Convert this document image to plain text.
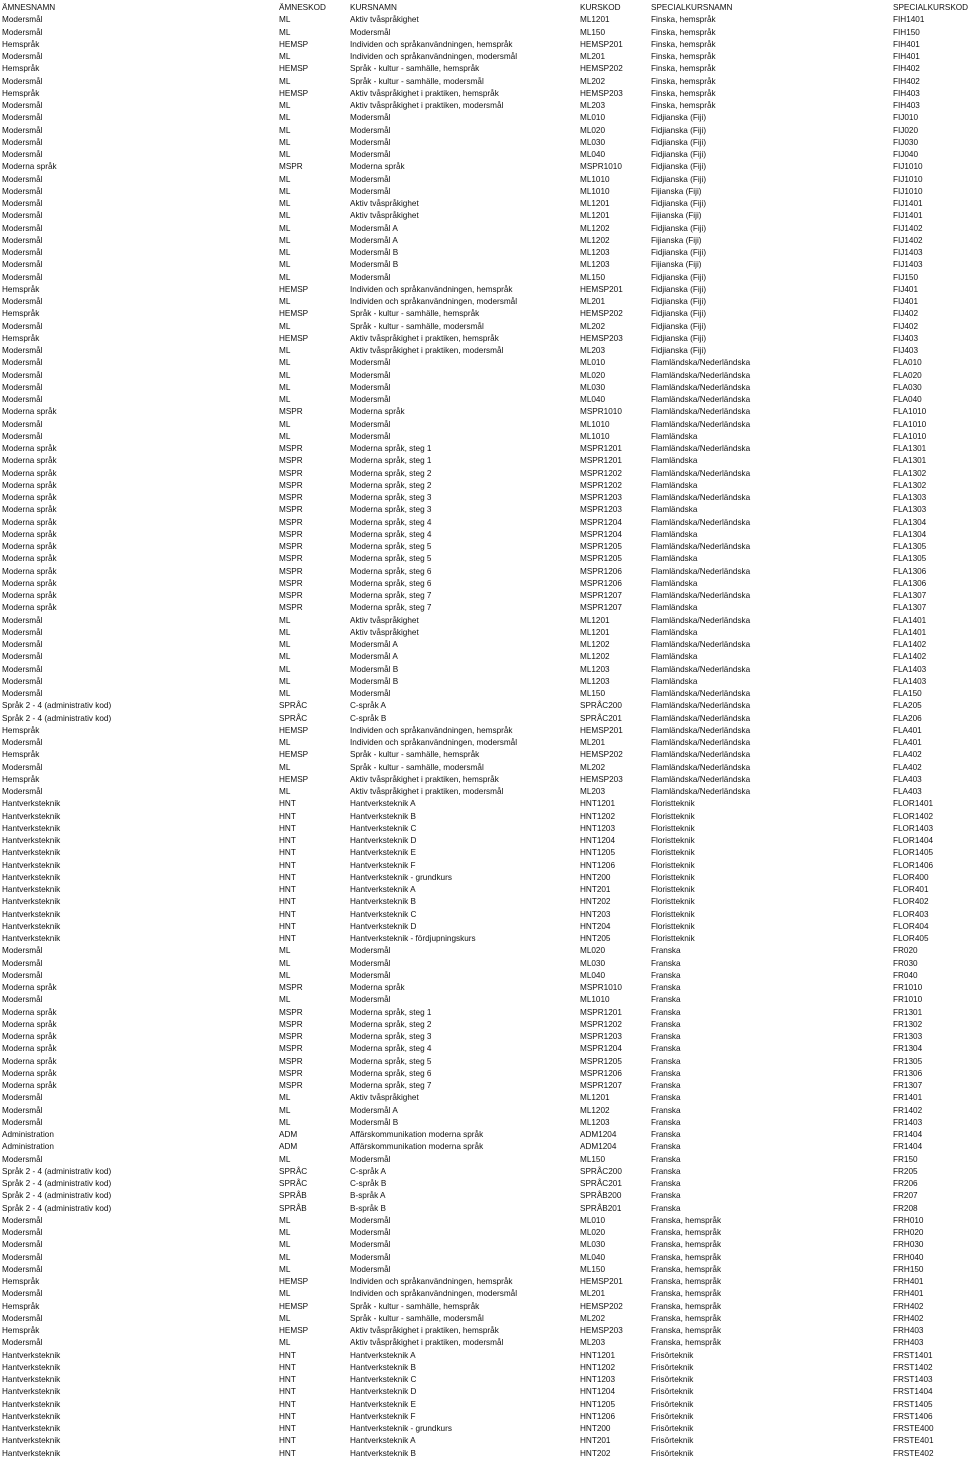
ÄMNESNAMN	ÄMNESKOD	KURSNAMN	KURSKOD	SPECIALKURSNAMN	SPECIALKURSKOD
Modersmål	ML	Aktiv tvåspråkighet	ML1201	Finska, hemspråk	FIH1401
Modersmål	ML	Modersmål	ML150	Finska, hemspråk	FIH150
Hemspråk	HEMSP	Individen och språkanvändningen, hemspråk	HEMSP201	Finska, hemspråk	FIH401
Modersmål	ML	Individen och språkanvändningen, modersmål	ML201	Finska, hemspråk	FIH401
Hemspråk	HEMSP	Språk - kultur - samhälle, hemspråk	HEMSP202	Finska, hemspråk	FIH402
Modersmål	ML	Språk - kultur - samhälle, modersmål	ML202	Finska, hemspråk	FIH402
Hemspråk	HEMSP	Aktiv tvåspråkighet i praktiken, hemspråk	HEMSP203	Finska, hemspråk	FIH403
Modersmål	ML	Aktiv tvåspråkighet i praktiken, modersmål	ML203	Finska, hemspråk	FIH403
Modersmål	ML	Modersmål	ML010	Fidjianska (Fiji)	FIJ010
Modersmål	ML	Modersmål	ML020	Fidjianska (Fiji)	FIJ020
Modersmål	ML	Modersmål	ML030	Fidjianska (Fiji)	FIJ030
Modersmål	ML	Modersmål	ML040	Fidjianska (Fiji)	FIJ040
Moderna språk	MSPR	Moderna språk	MSPR1010	Fidjianska (Fiji)	FIJ1010
Modersmål	ML	Modersmål	ML1010	Fidjianska (Fiji)	FIJ1010
Modersmål	ML	Modersmål	ML1010	Fijianska (Fiji)	FIJ1010
Modersmål	ML	Aktiv tvåspråkighet	ML1201	Fidjianska (Fiji)	FIJ1401
Modersmål	ML	Aktiv tvåspråkighet	ML1201	Fijianska (Fiji)	FIJ1401
Modersmål	ML	Modersmål A	ML1202	Fidjianska (Fiji)	FIJ1402
Modersmål	ML	Modersmål A	ML1202	Fijianska (Fiji)	FIJ1402
Modersmål	ML	Modersmål B	ML1203	Fidjianska (Fiji)	FIJ1403
Modersmål	ML	Modersmål B	ML1203	Fijianska (Fiji)	FIJ1403
Modersmål	ML	Modersmål	ML150	Fidjianska (Fiji)	FIJ150
Hemspråk	HEMSP	Individen och språkanvändningen, hemspråk	HEMSP201	Fidjianska (Fiji)	FIJ401
Modersmål	ML	Individen och språkanvändningen, modersmål	ML201	Fidjianska (Fiji)	FIJ401
Hemspråk	HEMSP	Språk - kultur - samhälle, hemspråk	HEMSP202	Fidjianska (Fiji)	FIJ402
Modersmål	ML	Språk - kultur - samhälle, modersmål	ML202	Fidjianska (Fiji)	FIJ402
Hemspråk	HEMSP	Aktiv tvåspråkighet i praktiken, hemspråk	HEMSP203	Fidjianska (Fiji)	FIJ403
Modersmål	ML	Aktiv tvåspråkighet i praktiken, modersmål	ML203	Fidjianska (Fiji)	FIJ403
Modersmål	ML	Modersmål	ML010	Flamländska/Nederländska	FLA010
Modersmål	ML	Modersmål	ML020	Flamländska/Nederländska	FLA020
Modersmål	ML	Modersmål	ML030	Flamländska/Nederländska	FLA030
Modersmål	ML	Modersmål	ML040	Flamländska/Nederländska	FLA040
Moderna språk	MSPR	Moderna språk	MSPR1010	Flamländska/Nederländska	FLA1010
Modersmål	ML	Modersmål	ML1010	Flamländska/Nederländska	FLA1010
Modersmål	ML	Modersmål	ML1010	Flamländska	FLA1010
Moderna språk	MSPR	Moderna språk, steg 1	MSPR1201	Flamländska/Nederländska	FLA1301
Moderna språk	MSPR	Moderna språk, steg 1	MSPR1201	Flamländska	FLA1301
Moderna språk	MSPR	Moderna språk, steg 2	MSPR1202	Flamländska/Nederländska	FLA1302
Moderna språk	MSPR	Moderna språk, steg 2	MSPR1202	Flamländska	FLA1302
Moderna språk	MSPR	Moderna språk, steg 3	MSPR1203	Flamländska/Nederländska	FLA1303
Moderna språk	MSPR	Moderna språk, steg 3	MSPR1203	Flamländska	FLA1303
Moderna språk	MSPR	Moderna språk, steg 4	MSPR1204	Flamländska/Nederländska	FLA1304
Moderna språk	MSPR	Moderna språk, steg 4	MSPR1204	Flamländska	FLA1304
Moderna språk	MSPR	Moderna språk, steg 5	MSPR1205	Flamländska/Nederländska	FLA1305
Moderna språk	MSPR	Moderna språk, steg 5	MSPR1205	Flamländska	FLA1305
Moderna språk	MSPR	Moderna språk, steg 6	MSPR1206	Flamländska/Nederländska	FLA1306
Moderna språk	MSPR	Moderna språk, steg 6	MSPR1206	Flamländska	FLA1306
Moderna språk	MSPR	Moderna språk, steg 7	MSPR1207	Flamländska/Nederländska	FLA1307
Moderna språk	MSPR	Moderna språk, steg 7	MSPR1207	Flamländska	FLA1307
Modersmål	ML	Aktiv tvåspråkighet	ML1201	Flamländska/Nederländska	FLA1401
Modersmål	ML	Aktiv tvåspråkighet	ML1201	Flamländska	FLA1401
Modersmål	ML	Modersmål A	ML1202	Flamländska/Nederländska	FLA1402
Modersmål	ML	Modersmål A	ML1202	Flamländska	FLA1402
Modersmål	ML	Modersmål B	ML1203	Flamländska/Nederländska	FLA1403
Modersmål	ML	Modersmål B	ML1203	Flamländska	FLA1403
Modersmål	ML	Modersmål	ML150	Flamländska/Nederländska	FLA150
Språk 2 - 4 (administrativ kod)	SPRÅC	C-språk A	SPRÅC200	Flamländska/Nederländska	FLA205
Språk 2 - 4 (administrativ kod)	SPRÅC	C-språk B	SPRÅC201	Flamländska/Nederländska	FLA206
Hemspråk	HEMSP	Individen och språkanvändningen, hemspråk	HEMSP201	Flamländska/Nederländska	FLA401
Modersmål	ML	Individen och språkanvändningen, modersmål	ML201	Flamländska/Nederländska	FLA401
Hemspråk	HEMSP	Språk - kultur - samhälle, hemspråk	HEMSP202	Flamländska/Nederländska	FLA402
Modersmål	ML	Språk - kultur - samhälle, modersmål	ML202	Flamländska/Nederländska	FLA402
Hemspråk	HEMSP	Aktiv tvåspråkighet i praktiken, hemspråk	HEMSP203	Flamländska/Nederländska	FLA403
Modersmål	ML	Aktiv tvåspråkighet i praktiken, modersmål	ML203	Flamländska/Nederländska	FLA403
Hantverksteknik	HNT	Hantverksteknik A	HNT1201	Floristteknik	FLOR1401
Hantverksteknik	HNT	Hantverksteknik B	HNT1202	Floristteknik	FLOR1402
Hantverksteknik	HNT	Hantverksteknik C	HNT1203	Floristteknik	FLOR1403
Hantverksteknik	HNT	Hantverksteknik D	HNT1204	Floristteknik	FLOR1404
Hantverksteknik	HNT	Hantverksteknik E	HNT1205	Floristteknik	FLOR1405
Hantverksteknik	HNT	Hantverksteknik F	HNT1206	Floristteknik	FLOR1406
Hantverksteknik	HNT	Hantverksteknik - grundkurs	HNT200	Floristteknik	FLOR400
Hantverksteknik	HNT	Hantverksteknik A	HNT201	Floristteknik	FLOR401
Hantverksteknik	HNT	Hantverksteknik B	HNT202	Floristteknik	FLOR402
Hantverksteknik	HNT	Hantverksteknik C	HNT203	Floristteknik	FLOR403
Hantverksteknik	HNT	Hantverksteknik D	HNT204	Floristteknik	FLOR404
Hantverksteknik	HNT	Hantverksteknik - fördjupningskurs	HNT205	Floristteknik	FLOR405
Modersmål	ML	Modersmål	ML020	Franska	FR020
Modersmål	ML	Modersmål	ML030	Franska	FR030
Modersmål	ML	Modersmål	ML040	Franska	FR040
Moderna språk	MSPR	Moderna språk	MSPR1010	Franska	FR1010
Modersmål	ML	Modersmål	ML1010	Franska	FR1010
Moderna språk	MSPR	Moderna språk, steg 1	MSPR1201	Franska	FR1301
Moderna språk	MSPR	Moderna språk, steg 2	MSPR1202	Franska	FR1302
Moderna språk	MSPR	Moderna språk, steg 3	MSPR1203	Franska	FR1303
Moderna språk	MSPR	Moderna språk, steg 4	MSPR1204	Franska	FR1304
Moderna språk	MSPR	Moderna språk, steg 5	MSPR1205	Franska	FR1305
Moderna språk	MSPR	Moderna språk, steg 6	MSPR1206	Franska	FR1306
Moderna språk	MSPR	Moderna språk, steg 7	MSPR1207	Franska	FR1307
Modersmål	ML	Aktiv tvåspråkighet	ML1201	Franska	FR1401
Modersmål	ML	Modersmål A	ML1202	Franska	FR1402
Modersmål	ML	Modersmål B	ML1203	Franska	FR1403
Administration	ADM	Affärskommunikation moderna språk	ADM1204	Franska	FR1404
Administration	ADM	Affärskommunikation moderna språk	ADM1204	Franska	FR1404
Modersmål	ML	Modersmål	ML150	Franska	FR150
Språk 2 - 4 (administrativ kod)	SPRÅC	C-språk A	SPRÅC200	Franska	FR205
Språk 2 - 4 (administrativ kod)	SPRÅC	C-språk B	SPRÅC201	Franska	FR206
Språk 2 - 4 (administrativ kod)	SPRÅB	B-språk A	SPRÅB200	Franska	FR207
Språk 2 - 4 (administrativ kod)	SPRÅB	B-språk B	SPRÅB201	Franska	FR208
Modersmål	ML	Modersmål	ML010	Franska, hemspråk	FRH010
Modersmål	ML	Modersmål	ML020	Franska, hemspråk	FRH020
Modersmål	ML	Modersmål	ML030	Franska, hemspråk	FRH030
Modersmål	ML	Modersmål	ML040	Franska, hemspråk	FRH040
Modersmål	ML	Modersmål	ML150	Franska, hemspråk	FRH150
Hemspråk	HEMSP	Individen och språkanvändningen, hemspråk	HEMSP201	Franska, hemspråk	FRH401
Modersmål	ML	Individen och språkanvändningen, modersmål	ML201	Franska, hemspråk	FRH401
Hemspråk	HEMSP	Språk - kultur - samhälle, hemspråk	HEMSP202	Franska, hemspråk	FRH402
Modersmål	ML	Språk - kultur - samhälle, modersmål	ML202	Franska, hemspråk	FRH402
Hemspråk	HEMSP	Aktiv tvåspråkighet i praktiken, hemspråk	HEMSP203	Franska, hemspråk	FRH403
Modersmål	ML	Aktiv tvåspråkighet i praktiken, modersmål	ML203	Franska, hemspråk	FRH403
Hantverksteknik	HNT	Hantverksteknik A	HNT1201	Frisörteknik	FRST1401
Hantverksteknik	HNT	Hantverksteknik B	HNT1202	Frisörteknik	FRST1402
Hantverksteknik	HNT	Hantverksteknik C	HNT1203	Frisörteknik	FRST1403
Hantverksteknik	HNT	Hantverksteknik D	HNT1204	Frisörteknik	FRST1404
Hantverksteknik	HNT	Hantverksteknik E	HNT1205	Frisörteknik	FRST1405
Hantverksteknik	HNT	Hantverksteknik F	HNT1206	Frisörteknik	FRST1406
Hantverksteknik	HNT	Hantverksteknik - grundkurs	HNT200	Frisörteknik	FRSTE400
Hantverksteknik	HNT	Hantverksteknik A	HNT201	Frisörteknik	FRSTE401
Hantverksteknik	HNT	Hantverksteknik B	HNT202	Frisörteknik	FRSTE402
